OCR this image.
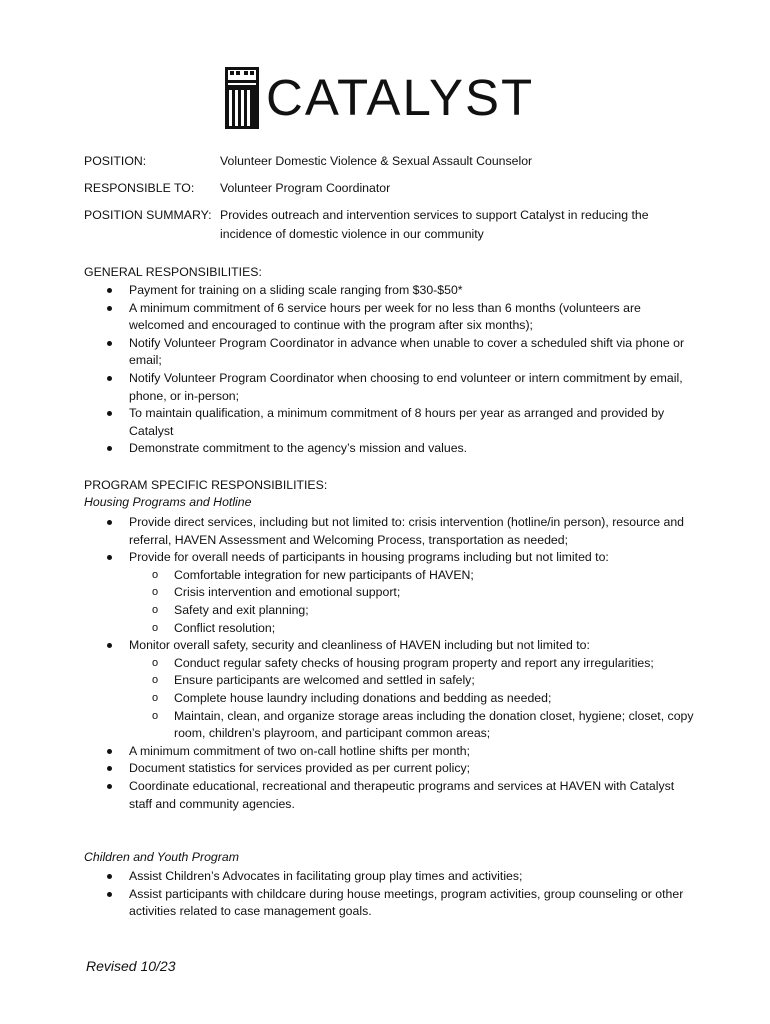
CATALYST
POSITION:	Volunteer Domestic Violence & Sexual Assault Counselor
RESPONSIBLE TO: Volunteer Program Coordinator
POSITION SUMMARY: Provides outreach and intervention services to support Catalyst in reducing the incidence of domestic violence in our community
GENERAL RESPONSIBILITIES:
Payment for training on a sliding scale ranging from $30-$50*
A minimum commitment of 6 service hours per week for no less than 6 months (volunteers are welcomed and encouraged to continue with the program after six months);
Notify Volunteer Program Coordinator in advance when unable to cover a scheduled shift via phone or email;
Notify Volunteer Program Coordinator when choosing to end volunteer or intern commitment by email, phone, or in-person;
To maintain qualification, a minimum commitment of 8 hours per year as arranged and provided by Catalyst
Demonstrate commitment to the agency’s mission and values.
PROGRAM SPECIFIC RESPONSIBILITIES:
Housing Programs and Hotline
Provide direct services, including but not limited to: crisis intervention (hotline/in person), resource and referral, HAVEN Assessment and Welcoming Process, transportation as needed;
Provide for overall needs of participants in housing programs including but not limited to:
o Comfortable integration for new participants of HAVEN;
o Crisis intervention and emotional support;
o Safety and exit planning;
o Conflict resolution;
Monitor overall safety, security and cleanliness of HAVEN including but not limited to:
o Conduct regular safety checks of housing program property and report any irregularities;
o Ensure participants are welcomed and settled in safely;
o Complete house laundry including donations and bedding as needed;
o Maintain, clean, and organize storage areas including the donation closet, hygiene; closet, copy room, children’s playroom, and participant common areas;
A minimum commitment of two on-call hotline shifts per month;
Document statistics for services provided as per current policy;
Coordinate educational, recreational and therapeutic programs and services at HAVEN with Catalyst staff and community agencies.
Children and Youth Program
Assist Children’s Advocates in facilitating group play times and activities;
Assist participants with childcare during house meetings, program activities, group counseling or other activities related to case management goals.
Revised 10/23
